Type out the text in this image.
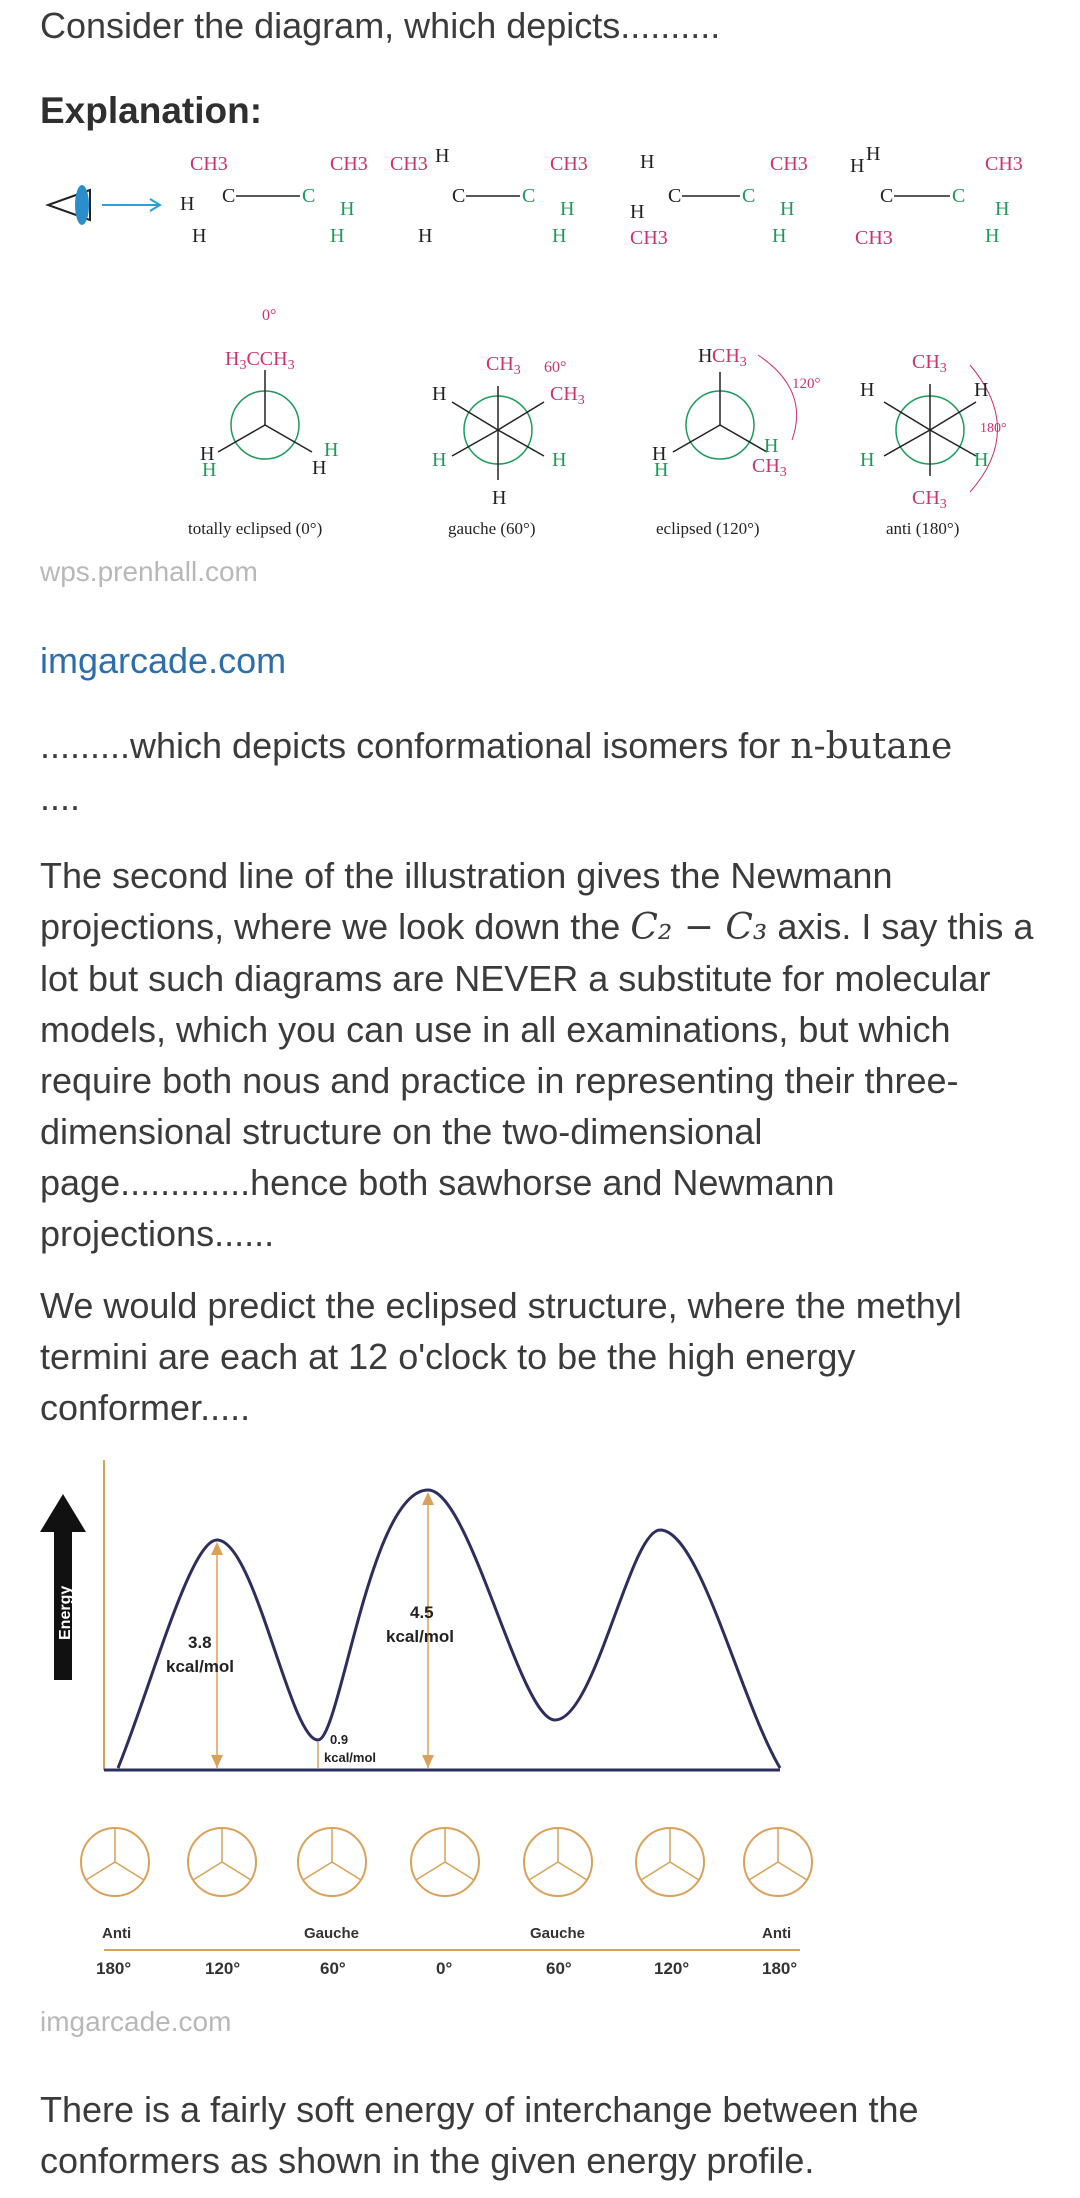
Consider the diagram, which depicts..........

Explanation:

CH3
H
H
C	C
CH3
H
H
CH3 H
H
C	C
CH3
H
H
H
H
CH3
C	C
CH3
H
H
H
H
CH3
C	C
CH3
H
H
0°
$H_3CCH_3$
H
H
H
H
totally eclipsed (0°)
$CH_3$ 60°
$CH_3$
H
H	H
H
gauche (60°)
H $CH_3$
120°
H
H
H
$CH_3$
eclipsed (120°)
$CH_3$
180°
H	H
H	H
$CH_3$
anti (180°)

wps.prenhall.com

imgarcade.com

.........which depicts conformational isomers for n-butane
....

The second line of the illustration gives the Newmann projections, where we look down the C₂ − C₃ axis. I say this a lot but such diagrams are NEVER a substitute for molecular models, which you can use in all examinations, but which require both nous and practice in representing their three-dimensional structure on the two-dimensional page.............hence both sawhorse and Newmann projections......

We would predict the eclipsed structure, where the methyl termini are each at 12 o'clock to be the high energy conformer.....

Energy
3.8
kcal/mol
4.5
kcal/mol
0.9
kcal/mol
Anti	Gauche	Gauche	Anti
180°	120°	60°	0°	60°	120°	180°

imgarcade.com

There is a fairly soft energy of interchange between the conformers as shown in the given energy profile.
